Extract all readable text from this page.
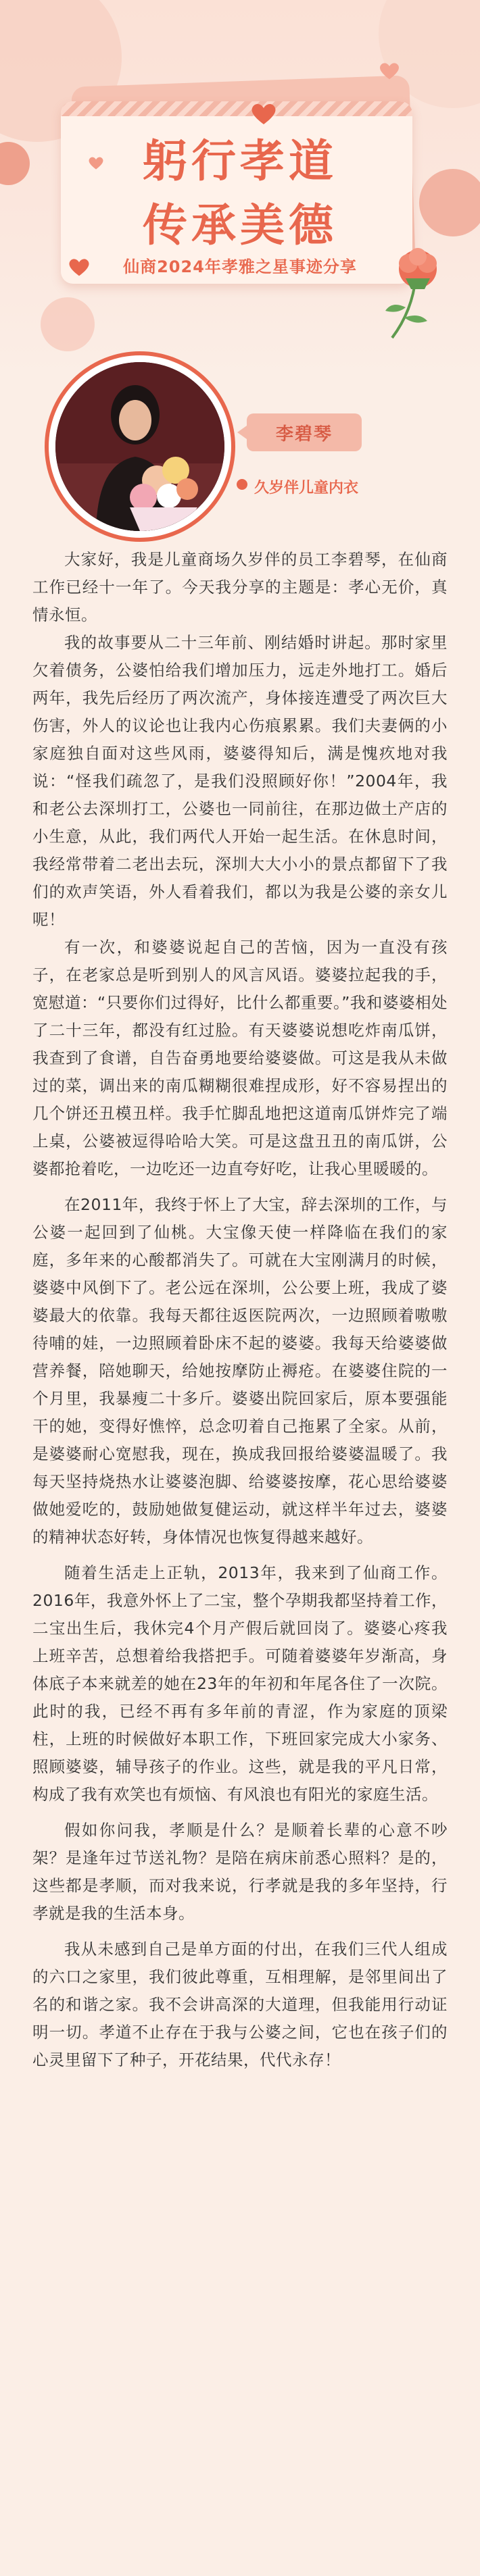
躬行孝道
传承美德
仙商2024年孝雅之星事迹分享
李碧琴
久岁伴儿童内衣

大家好，我是儿童商场久岁伴的员工李碧琴，在仙商工作已经十一年了。今天我分享的主题是：孝心无价，真情永恒。

我的故事要从二十三年前、刚结婚时讲起。那时家里欠着债务，公婆怕给我们增加压力，远走外地打工。婚后两年，我先后经历了两次流产，身体接连遭受了两次巨大伤害，外人的议论也让我内心伤痕累累。我们夫妻俩的小家庭独自面对这些风雨，婆婆得知后，满是愧疚地对我说：“怪我们疏忽了，是我们没照顾好你！”2004年，我和老公去深圳打工，公婆也一同前往，在那边做土产店的小生意，从此，我们两代人开始一起生活。在休息时间，我经常带着二老出去玩，深圳大大小小的景点都留下了我们的欢声笑语，外人看着我们，都以为我是公婆的亲女儿呢！

有一次，和婆婆说起自己的苦恼，因为一直没有孩子，在老家总是听到别人的风言风语。婆婆拉起我的手，宽慰道：“只要你们过得好，比什么都重要。”我和婆婆相处了二十三年，都没有红过脸。有天婆婆说想吃炸南瓜饼，我查到了食谱，自告奋勇地要给婆婆做。可这是我从未做过的菜，调出来的南瓜糊糊很难捏成形，好不容易捏出的几个饼还丑模丑样。我手忙脚乱地把这道南瓜饼炸完了端上桌，公婆被逗得哈哈大笑。可是这盘丑丑的南瓜饼，公婆都抢着吃，一边吃还一边直夸好吃，让我心里暖暖的。

在2011年，我终于怀上了大宝，辞去深圳的工作，与公婆一起回到了仙桃。大宝像天使一样降临在我们的家庭，多年来的心酸都消失了。可就在大宝刚满月的时候，婆婆中风倒下了。老公远在深圳，公公要上班，我成了婆婆最大的依靠。我每天都往返医院两次，一边照顾着嗷嗷待哺的娃，一边照顾着卧床不起的婆婆。我每天给婆婆做营养餐，陪她聊天，给她按摩防止褥疮。在婆婆住院的一个月里，我暴瘦二十多斤。婆婆出院回家后，原本要强能干的她，变得好憔悴，总念叨着自己拖累了全家。从前，是婆婆耐心宽慰我，现在，换成我回报给婆婆温暖了。我每天坚持烧热水让婆婆泡脚、给婆婆按摩，花心思给婆婆做她爱吃的，鼓励她做复健运动，就这样半年过去，婆婆的精神状态好转，身体情况也恢复得越来越好。

随着生活走上正轨，2013年，我来到了仙商工作。2016年，我意外怀上了二宝，整个孕期我都坚持着工作，二宝出生后，我休完4个月产假后就回岗了。婆婆心疼我上班辛苦，总想着给我搭把手。可随着婆婆年岁渐高，身体底子本来就差的她在23年的年初和年尾各住了一次院。此时的我，已经不再有多年前的青涩，作为家庭的顶梁柱，上班的时候做好本职工作，下班回家完成大小家务、照顾婆婆，辅导孩子的作业。这些，就是我的平凡日常，构成了我有欢笑也有烦恼、有风浪也有阳光的家庭生活。

假如你问我，孝顺是什么？是顺着长辈的心意不吵架？是逢年过节送礼物？是陪在病床前悉心照料？是的，这些都是孝顺，而对我来说，行孝就是我的多年坚持，行孝就是我的生活本身。

我从未感到自己是单方面的付出，在我们三代人组成的六口之家里，我们彼此尊重，互相理解，是邻里间出了名的和谐之家。我不会讲高深的大道理，但我能用行动证明一切。孝道不止存在于我与公婆之间，它也在孩子们的心灵里留下了种子，开花结果，代代永存！
